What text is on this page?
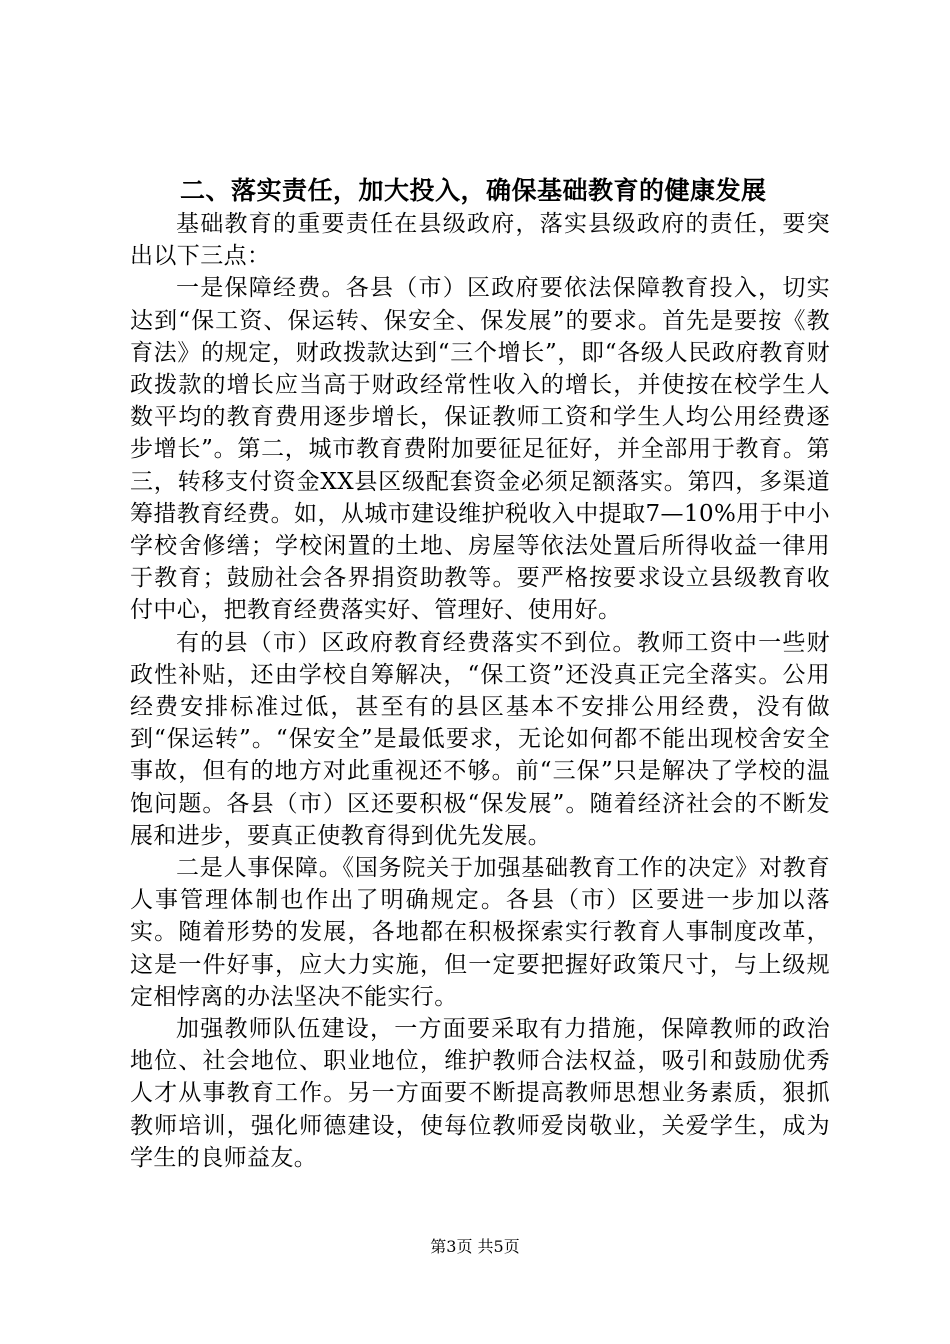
二、落实责任，加大投入，确保基础教育的健康发展

基础教育的重要责任在县级政府，落实县级政府的责任，要突出以下三点：

一是保障经费。各县（市）区政府要依法保障教育投入，切实达到“保工资、保运转、保安全、保发展”的要求。首先是要按《教育法》的规定，财政拨款达到“三个增长”，即“各级人民政府教育财政拨款的增长应当高于财政经常性收入的增长，并使按在校学生人数平均的教育费用逐步增长，保证教师工资和学生人均公用经费逐步增长”。第二，城市教育费附加要征足征好，并全部用于教育。第三，转移支付资金XX县区级配套资金必须足额落实。第四，多渠道筹措教育经费。如，从城市建设维护税收入中提取7—10%用于中小学校舍修缮；学校闲置的土地、房屋等依法处置后所得收益一律用于教育；鼓励社会各界捐资助教等。要严格按要求设立县级教育收付中心，把教育经费落实好、管理好、使用好。

有的县（市）区政府教育经费落实不到位。教师工资中一些财政性补贴，还由学校自筹解决，“保工资”还没真正完全落实。公用经费安排标准过低，甚至有的县区基本不安排公用经费，没有做到“保运转”。“保安全”是最低要求，无论如何都不能出现校舍安全事故，但有的地方对此重视还不够。前“三保”只是解决了学校的温饱问题。各县（市）区还要积极“保发展”。随着经济社会的不断发展和进步，要真正使教育得到优先发展。

二是人事保障。《国务院关于加强基础教育工作的决定》对教育人事管理体制也作出了明确规定。各县（市）区要进一步加以落实。随着形势的发展，各地都在积极探索实行教育人事制度改革，这是一件好事，应大力实施，但一定要把握好政策尺寸，与上级规定相悖离的办法坚决不能实行。

加强教师队伍建设，一方面要采取有力措施，保障教师的政治地位、社会地位、职业地位，维护教师合法权益，吸引和鼓励优秀人才从事教育工作。另一方面要不断提高教师思想业务素质，狠抓教师培训，强化师德建设，使每位教师爱岗敬业，关爱学生，成为学生的良师益友。

第3页 共5页
